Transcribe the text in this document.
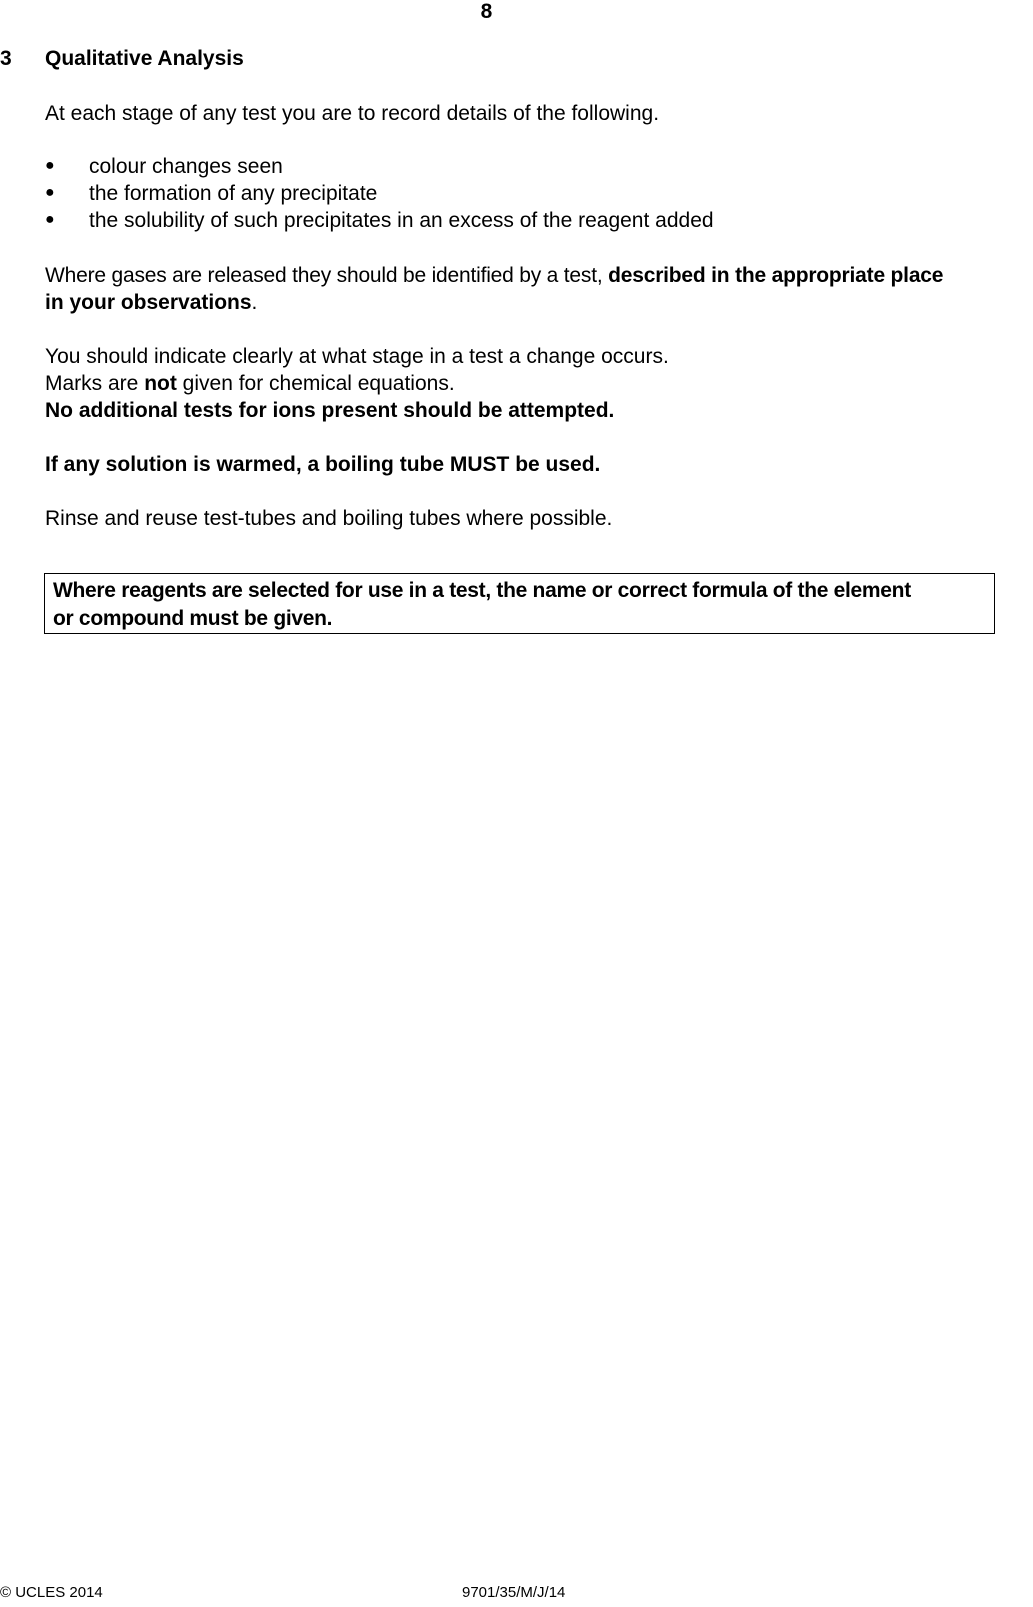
8
3 Qualitative Analysis
At each stage of any test you are to record details of the following.
● colour changes seen
● the formation of any precipitate
● the solubility of such precipitates in an excess of the reagent added
Where gases are released they should be identified by a test, described in the appropriate place
in your observations.
You should indicate clearly at what stage in a test a change occurs.
Marks are not given for chemical equations.
No additional tests for ions present should be attempted.
If any solution is warmed, a boiling tube MUST be used.
Rinse and reuse test-tubes and boiling tubes where possible.
Where reagents are selected for use in a test, the name or correct formula of the element
or compound must be given.
© UCLES 2014	9701/35/M/J/14
